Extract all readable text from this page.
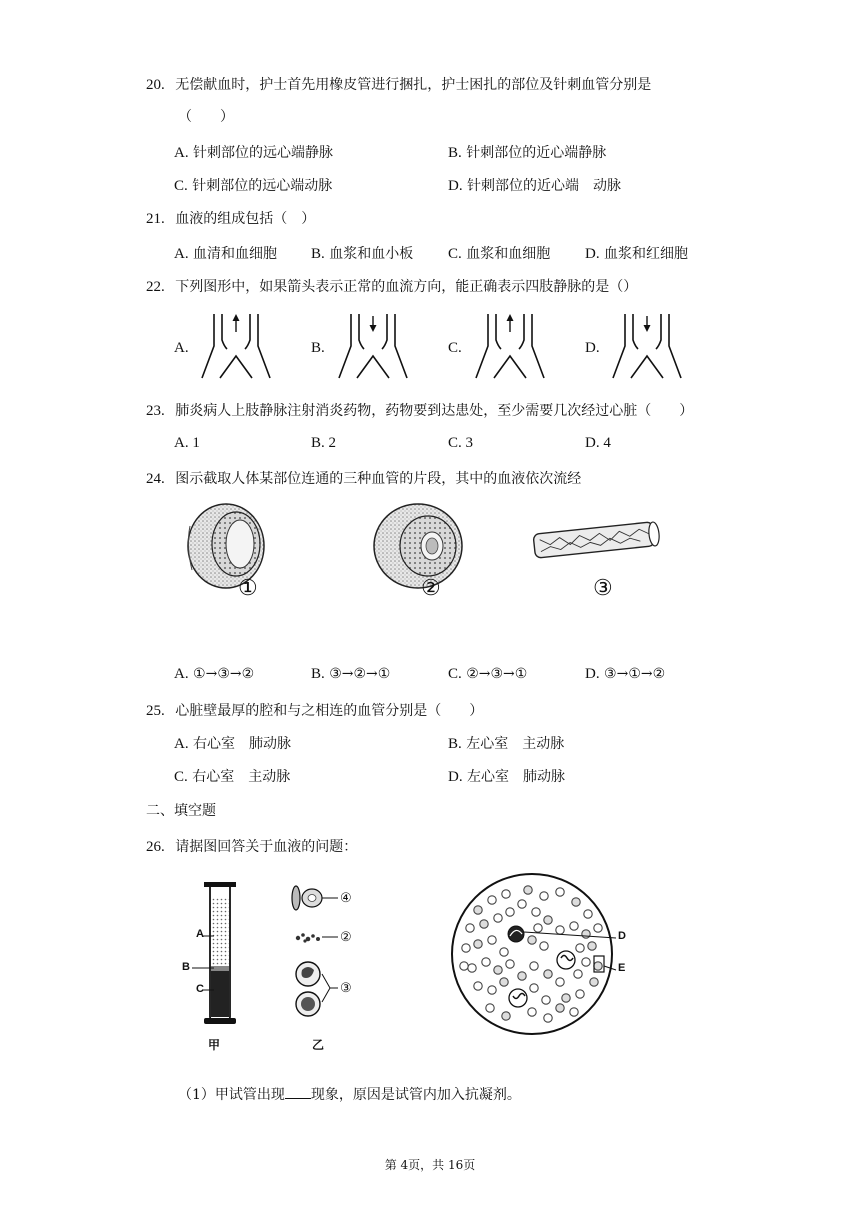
20. 无偿献血时，护士首先用橡皮管进行捆扎，护士困扎的部位及针刺血管分别是
（　　）
A. 针刺部位的远心端静脉	B. 针刺部位的近心端静脉
C. 针刺部位的远心端动脉	D. 针刺部位的近心端　动脉
21. 血液的组成包括（　）
A. 血清和血细胞 B. 血浆和血小板 C. 血浆和血细胞 D. 血浆和红细胞
22. 下列图形中，如果箭头表示正常的血流方向，能正确表示四肢静脉的是（）
A.	B.	C.	D.
23. 肺炎病人上肢静脉注射消炎药物，药物要到达患处，至少需要几次经过心脏（　　）
A. 1	B. 2	C. 3	D. 4
24. 图示截取人体某部位连通的三种血管的片段，其中的血液依次流经
①	②	③
A. ①→③→②	B. ③→②→①	C. ②→③→①	D. ③→①→②
25. 心脏壁最厚的腔和与之相连的血管分别是（　　）
A. 右心室　肺动脉	B. 左心室　主动脉
C. 右心室　主动脉	D. 左心室　肺动脉
二、填空题
26. 请据图回答关于血液的问题：
A
B
C
甲
④
②
③
乙
D
E
（1）甲试管出现 现象，原因是试管内加入抗凝剂。
第 4页，共 16页
